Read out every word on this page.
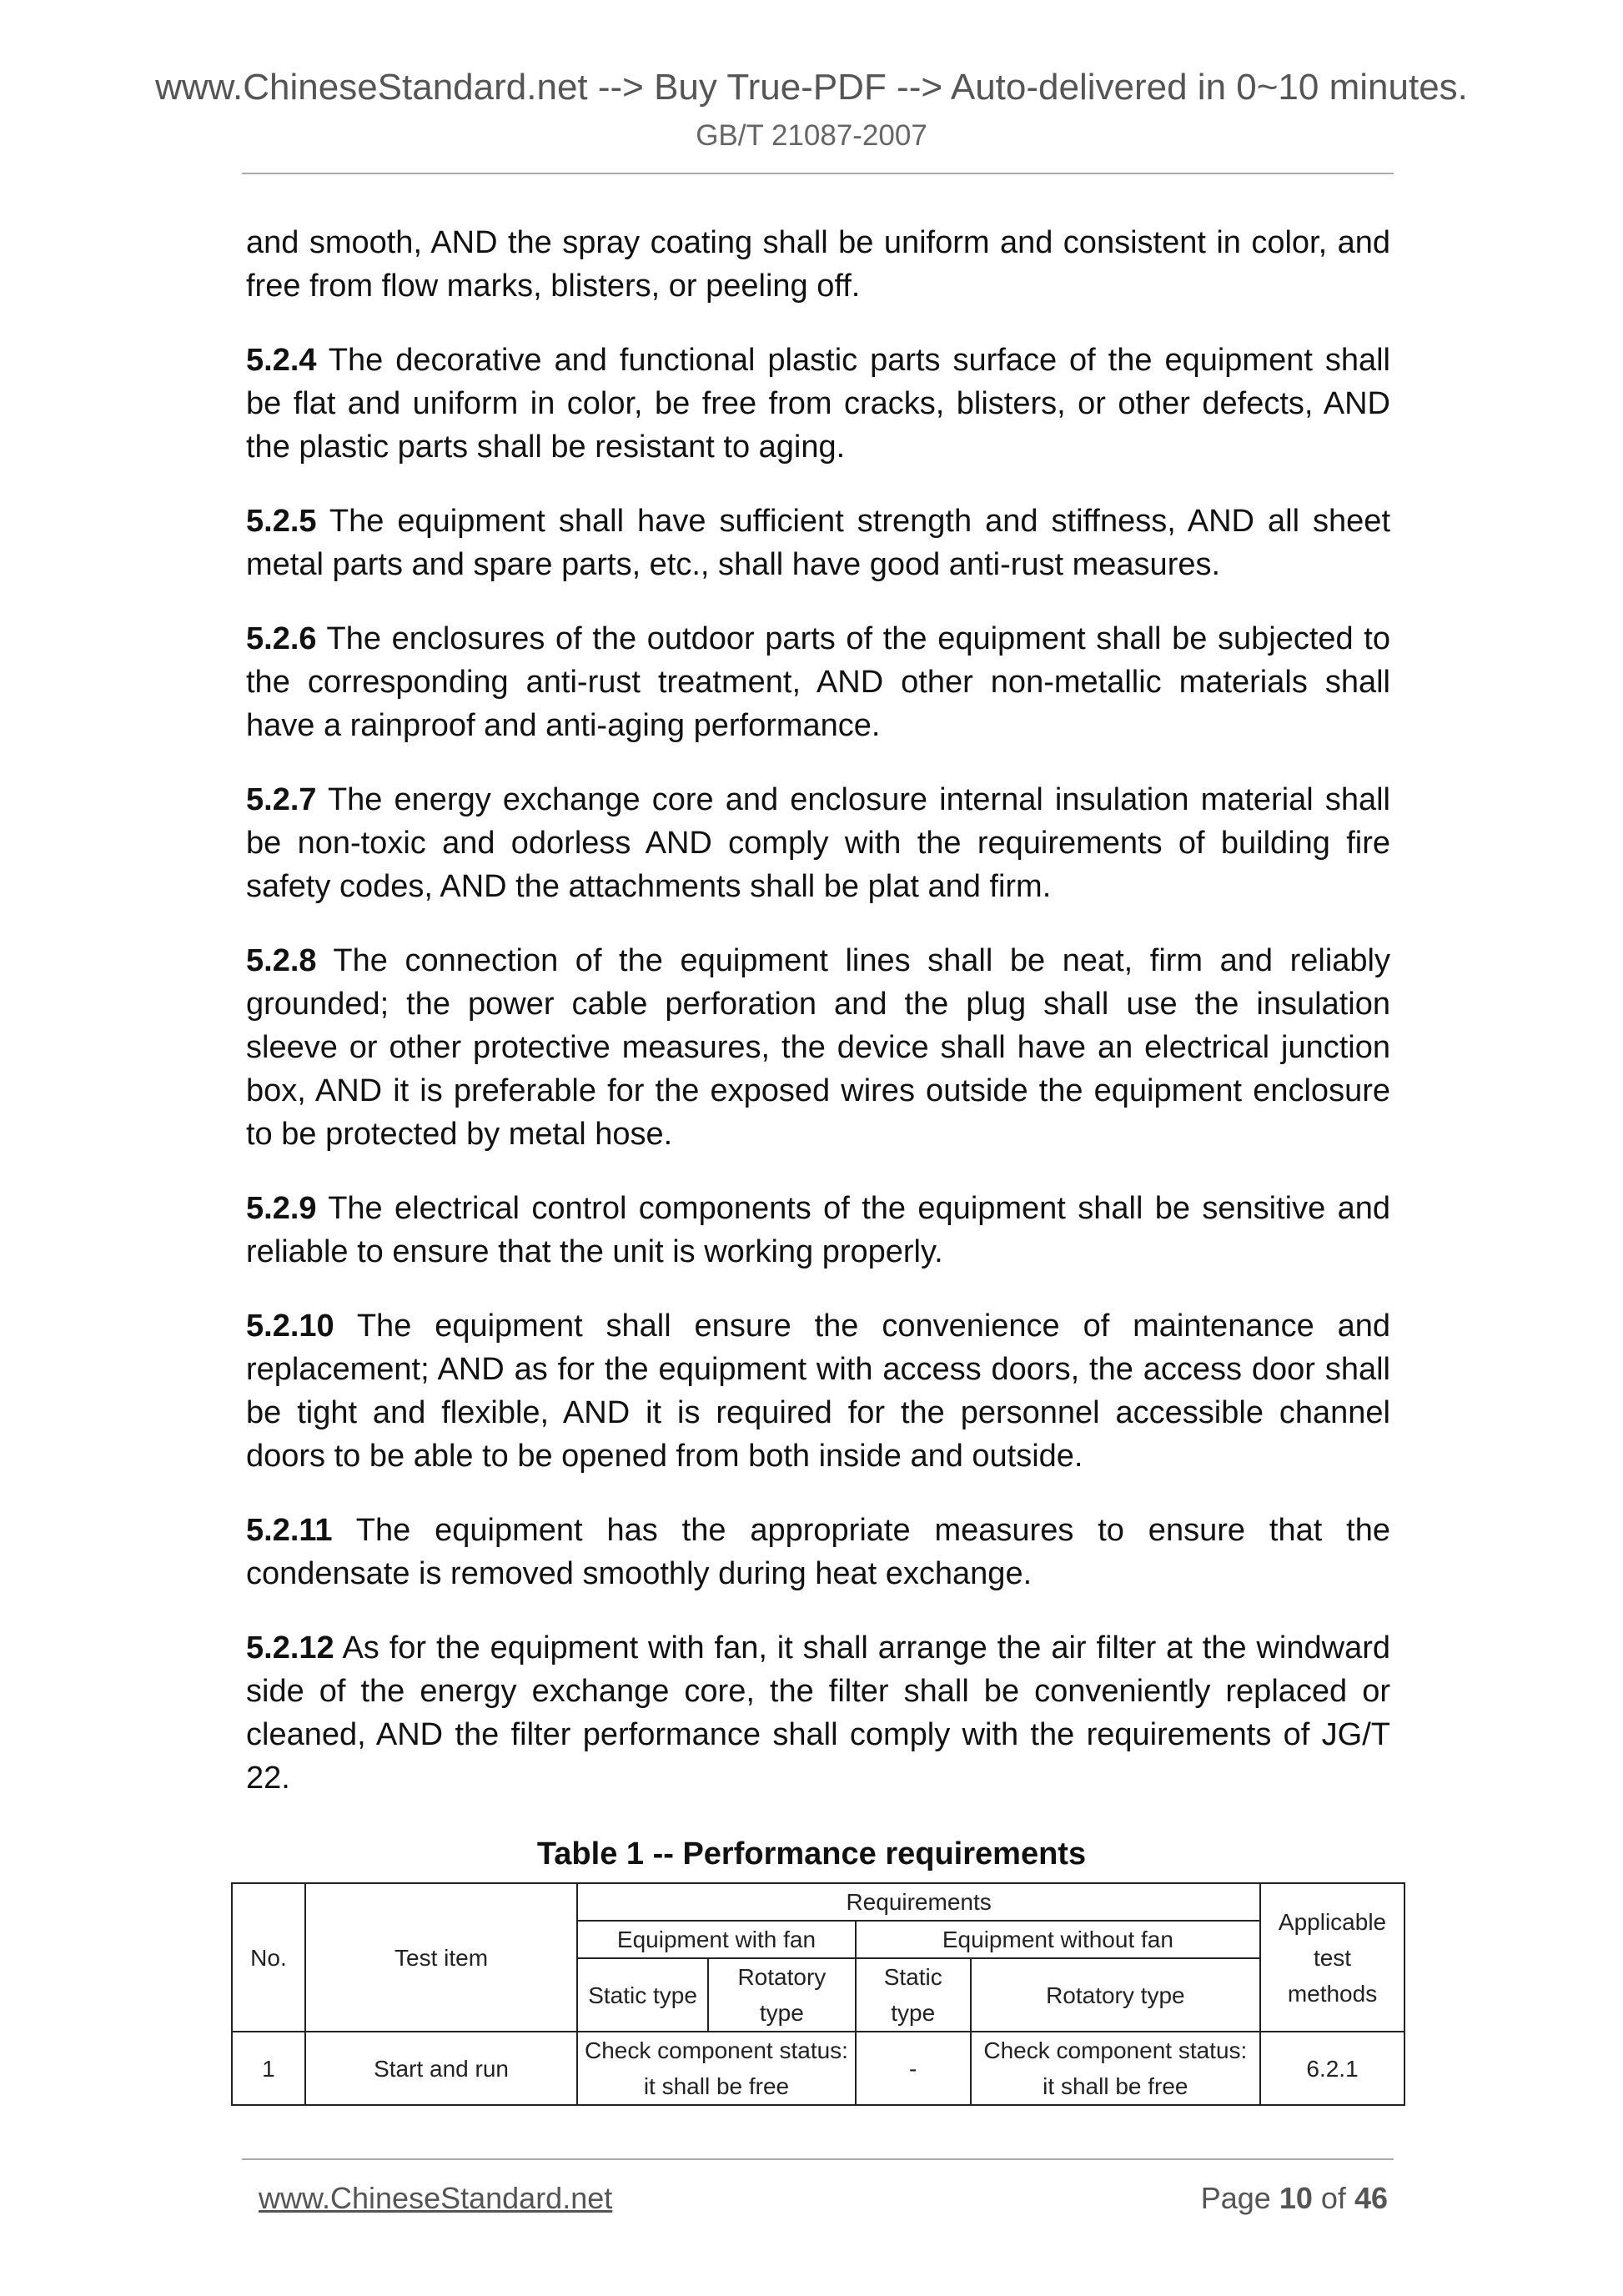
www.ChineseStandard.net --> Buy True-PDF --> Auto-delivered in 0~10 minutes.
GB/T 21087-2007

and smooth, AND the spray coating shall be uniform and consistent in color, and free from flow marks, blisters, or peeling off.

5.2.4 The decorative and functional plastic parts surface of the equipment shall be flat and uniform in color, be free from cracks, blisters, or other defects, AND the plastic parts shall be resistant to aging.

5.2.5 The equipment shall have sufficient strength and stiffness, AND all sheet metal parts and spare parts, etc., shall have good anti-rust measures.

5.2.6 The enclosures of the outdoor parts of the equipment shall be subjected to the corresponding anti-rust treatment, AND other non-metallic materials shall have a rainproof and anti-aging performance.

5.2.7 The energy exchange core and enclosure internal insulation material shall be non-toxic and odorless AND comply with the requirements of building fire safety codes, AND the attachments shall be plat and firm.

5.2.8 The connection of the equipment lines shall be neat, firm and reliably grounded; the power cable perforation and the plug shall use the insulation sleeve or other protective measures, the device shall have an electrical junction box, AND it is preferable for the exposed wires outside the equipment enclosure to be protected by metal hose.

5.2.9 The electrical control components of the equipment shall be sensitive and reliable to ensure that the unit is working properly.

5.2.10 The equipment shall ensure the convenience of maintenance and replacement; AND as for the equipment with access doors, the access door shall be tight and flexible, AND it is required for the personnel accessible channel doors to be able to be opened from both inside and outside.

5.2.11 The equipment has the appropriate measures to ensure that the condensate is removed smoothly during heat exchange.

5.2.12 As for the equipment with fan, it shall arrange the air filter at the windward side of the energy exchange core, the filter shall be conveniently replaced or cleaned, AND the filter performance shall comply with the requirements of JG/T 22.

Table 1 -- Performance requirements
No.	Test item	Requirements				Applicable test methods
		Equipment with fan		Equipment without fan		
		Static type	Rotatory type	Static type	Rotatory type	

1	Start and run	Check component status: it shall be free		-	Check component status: it shall be free	6.2.1
www.ChineseStandard.net	Page 10 of 46
